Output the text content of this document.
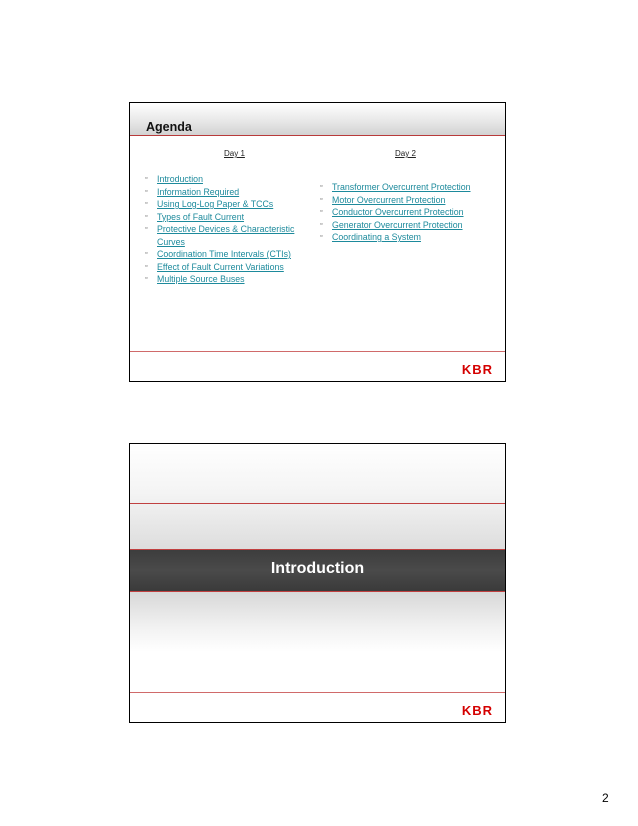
Agenda
Day 1	Day 2
▫ Introduction
▫ Information Required
▫ Using Log-Log Paper & TCCs
▫ Types of Fault Current
▫ Protective Devices & Characteristic Curves
▫ Coordination Time Intervals (CTIs)
▫ Effect of Fault Current Variations
▫ Multiple Source Buses
▫ Transformer Overcurrent Protection
▫ Motor Overcurrent Protection
▫ Conductor Overcurrent Protection
▫ Generator Overcurrent Protection
▫ Coordinating a System
KBR
Introduction
KBR
2
